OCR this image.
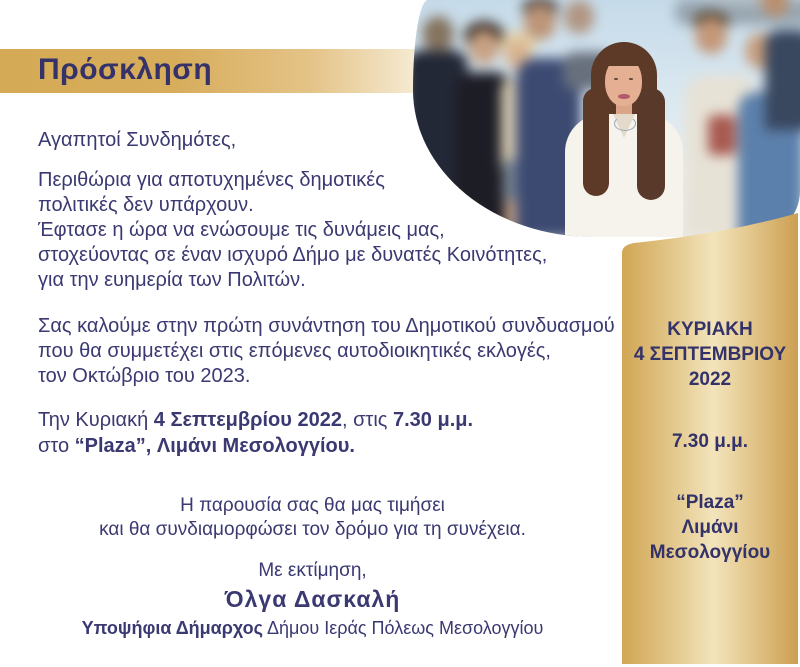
Πρόσκληση
ΚΥΡΙΑΚΗ
4 ΣΕΠΤΕΜΒΡΙΟΥ
2022
7.30 μ.μ.
“Plaza”
Λιμάνι
Μεσολογγίου
Αγαπητοί Συνδημότες,
Περιθώρια για αποτυχημένες δημοτικές
πολιτικές δεν υπάρχουν.
Έφτασε η ώρα να ενώσουμε τις δυνάμεις μας,
στοχεύοντας σε έναν ισχυρό Δήμο με δυνατές Κοινότητες,
για την ευημερία των Πολιτών.
Σας καλούμε στην πρώτη συνάντηση του Δημοτικού συνδυασμού
που θα συμμετέχει στις επόμενες αυτοδιοικητικές εκλογές,
τον Οκτώβριο του 2023.
Την Κυριακή 4 Σεπτεμβρίου 2022, στις 7.30 μ.μ.
στο “Plaza”, Λιμάνι Μεσολογγίου.
Η παρουσία σας θα μας τιμήσει
και θα συνδιαμορφώσει τον δρόμο για τη συνέχεια.
Με εκτίμηση,
Όλγα Δασκαλή
Υποψήφια Δήμαρχος Δήμου Ιεράς Πόλεως Μεσολογγίου
